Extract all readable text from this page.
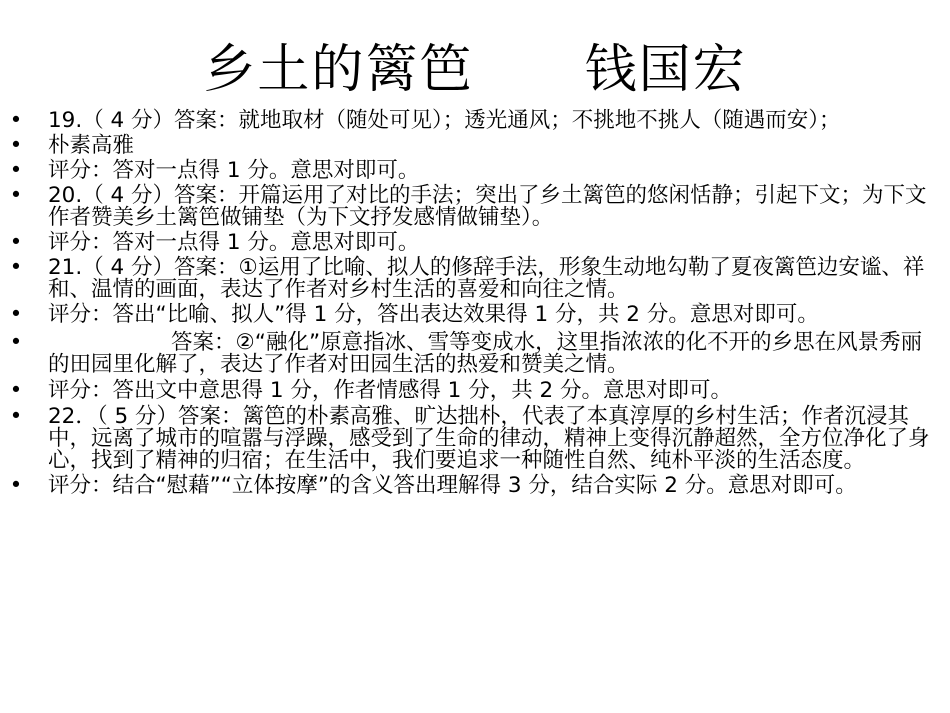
乡土的篱笆      钱国宏
• 19.（ 4 分）答案：就地取材（随处可见）；透光通风；不挑地不挑人（随遇而安）；
• 朴素高雅
• 评分：答对一点得 1 分。意思对即可。
• 20.（ 4 分）答案：开篇运用了对比的手法；突出了乡土篱笆的悠闲恬静；引起下文；为下文作者赞美乡土篱笆做铺垫（为下文抒发感情做铺垫）。
• 评分：答对一点得 1 分。意思对即可。
• 21.（ 4 分）答案：①运用了比喻、拟人的修辞手法，形象生动地勾勒了夏夜篱笆边安谧、祥和、温情的画面，表达了作者对乡村生活的喜爱和向往之情。
• 评分：答出“比喻、拟人”得 1 分，答出表达效果得 1 分，共 2 分。意思对即可。
• 答案：②“融化”原意指冰、雪等变成水，这里指浓浓的化不开的乡思在风景秀丽的田园里化解了，表达了作者对田园生活的热爱和赞美之情。
• 评分：答出文中意思得 1 分，作者情感得 1 分，共 2 分。意思对即可。
• 22．（ 5 分）答案：篱笆的朴素高雅、旷达拙朴，代表了本真淳厚的乡村生活；作者沉浸其中，远离了城市的喧嚣与浮躁，感受到了生命的律动，精神上变得沉静超然，全方位净化了身心，找到了精神的归宿；在生活中，我们要追求一种随性自然、纯朴平淡的生活态度。
• 评分：结合“慰藉”“立体按摩”的含义答出理解得 3 分，结合实际 2 分。意思对即可。
